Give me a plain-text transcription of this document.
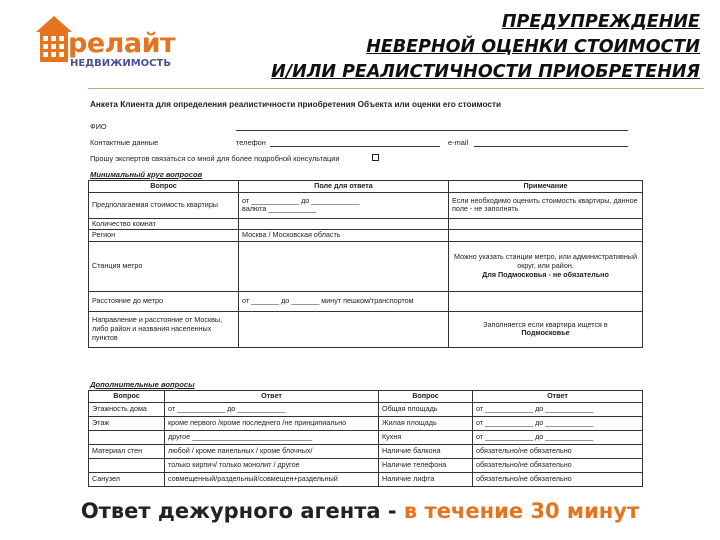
релайт
НЕДВИЖИМОСТЬ
ПРЕДУПРЕЖДЕНИЕ
НЕВЕРНОЙ ОЦЕНКИ СТОИМОСТИ
И/ИЛИ РЕАЛИСТИЧНОСТИ ПРИОБРЕТЕНИЯ
Анкета Клиента для определения реалистичности приобретения Объекта или оценки его стоимости
ФИО
Контактные данные	телефон	e-mail
Прошу экспертов связаться со мной для более подробной консультации
Минимальный круг вопросов
Вопрос	Поле для ответа	Примечание
Предполагаемая стоимость квартиры	от ____________ до ____________
валюта ____________	Если необходимо оценить стоимость квартиры, данное поле - не заполнять
Количество комнат		
Регион	Москва / Московская область	
Станция метро		Можно указать станции метро, или административный округ, или район.
Для Подмосковья - не обязательно
Расстояние до метро	от _______ до _______ минут пешком/транспортом	
Направление и расстояние от Москвы, либо район и названия населенных пунктов		Заполняется если квартира ищется в
Подмосковье
Дополнительные вопросы
Вопрос	Ответ	Вопрос	Ответ
Этажность дома	от ____________ до ____________	Общая площадь	от ____________ до ____________
Этаж	кроме первого /кроме последнего /не принципиально	Жилая площадь	от ____________ до ____________
	другое ______________________________	Кухня	от ____________ до ____________
Материал стен	любой / кроме панельных / кроме блочных/	Наличие балкона	обязательно/не обязательно
	только кирпич/ только монолит / другое	Наличие телефона	обязательно/не обязательно
Санузел	совмещенный/раздельный/совмещен+раздельный	Наличие лифта	обязательно/не обязательно
Ответ дежурного агента - в течение 30 минут
